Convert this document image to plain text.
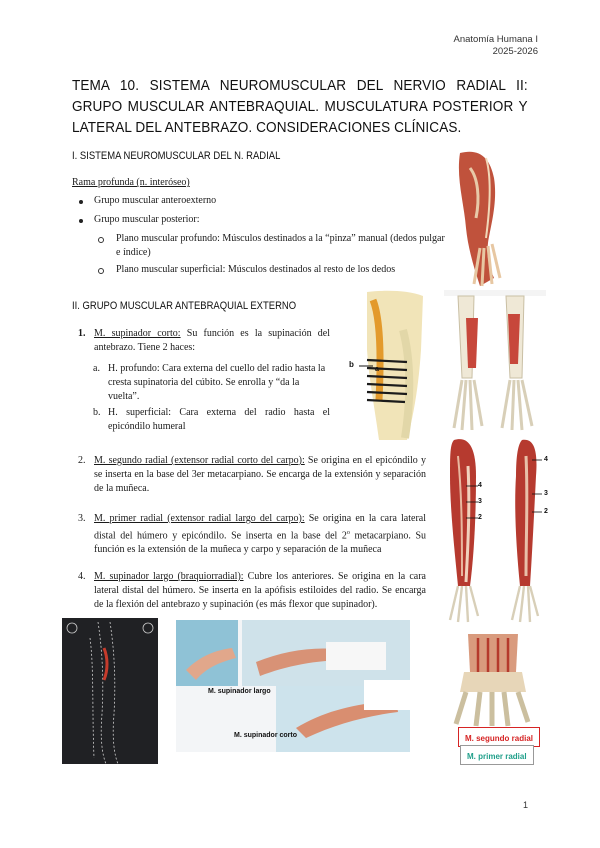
Anatomía Humana I
2025-2026
TEMA 10. SISTEMA NEUROMUSCULAR DEL NERVIO RADIAL II: GRUPO MUSCULAR ANTEBRAQUIAL. MUSCULATURA POSTERIOR Y LATERAL DEL ANTEBRAZO. CONSIDERACIONES CLÍNICAS.
I. SISTEMA NEUROMUSCULAR DEL N. RADIAL
Rama profunda (n. interóseo)
Grupo muscular anteroexterno
Grupo muscular posterior:
Plano muscular profundo: Músculos destinados a la “pinza” manual (dedos pulgar e índice)
Plano muscular superficial: Músculos destinados al resto de los dedos
II. GRUPO MUSCULAR ANTEBRAQUIAL EXTERNO
1. M. supinador corto: Su función es la supinación del antebrazo. Tiene 2 haces:
a. H. profundo: Cara externa del cuello del radio hasta la cresta supinatoria del cúbito. Se enrolla y “da la vuelta”.
b. H. superficial: Cara externa del radio hasta el epicóndilo humeral
b
a
2. M. segundo radial (extensor radial corto del carpo): Se origina en el epicóndilo y se inserta en la base del 3er metacarpiano. Se encarga de la extensión y separación de la muñeca.
3. M. primer radial (extensor radial largo del carpo): Se origina en la cara lateral distal del húmero y epicóndilo. Se inserta en la base del 2$^o$ metacarpiano. Su función es la extensión de la muñeca y carpo y separación de la muñeca
4. M. supinador largo (braquiorradial): Cubre los anteriores. Se origina en la cara lateral distal del húmero. Se inserta en la apófisis estiloides del radio. Se encarga de la flexión del antebrazo y supinación (es más flexor que supinador).
4
3
2
4
3
2
M. segundo radial
M. primer radial
M. supinador largo
M. supinador corto
1
